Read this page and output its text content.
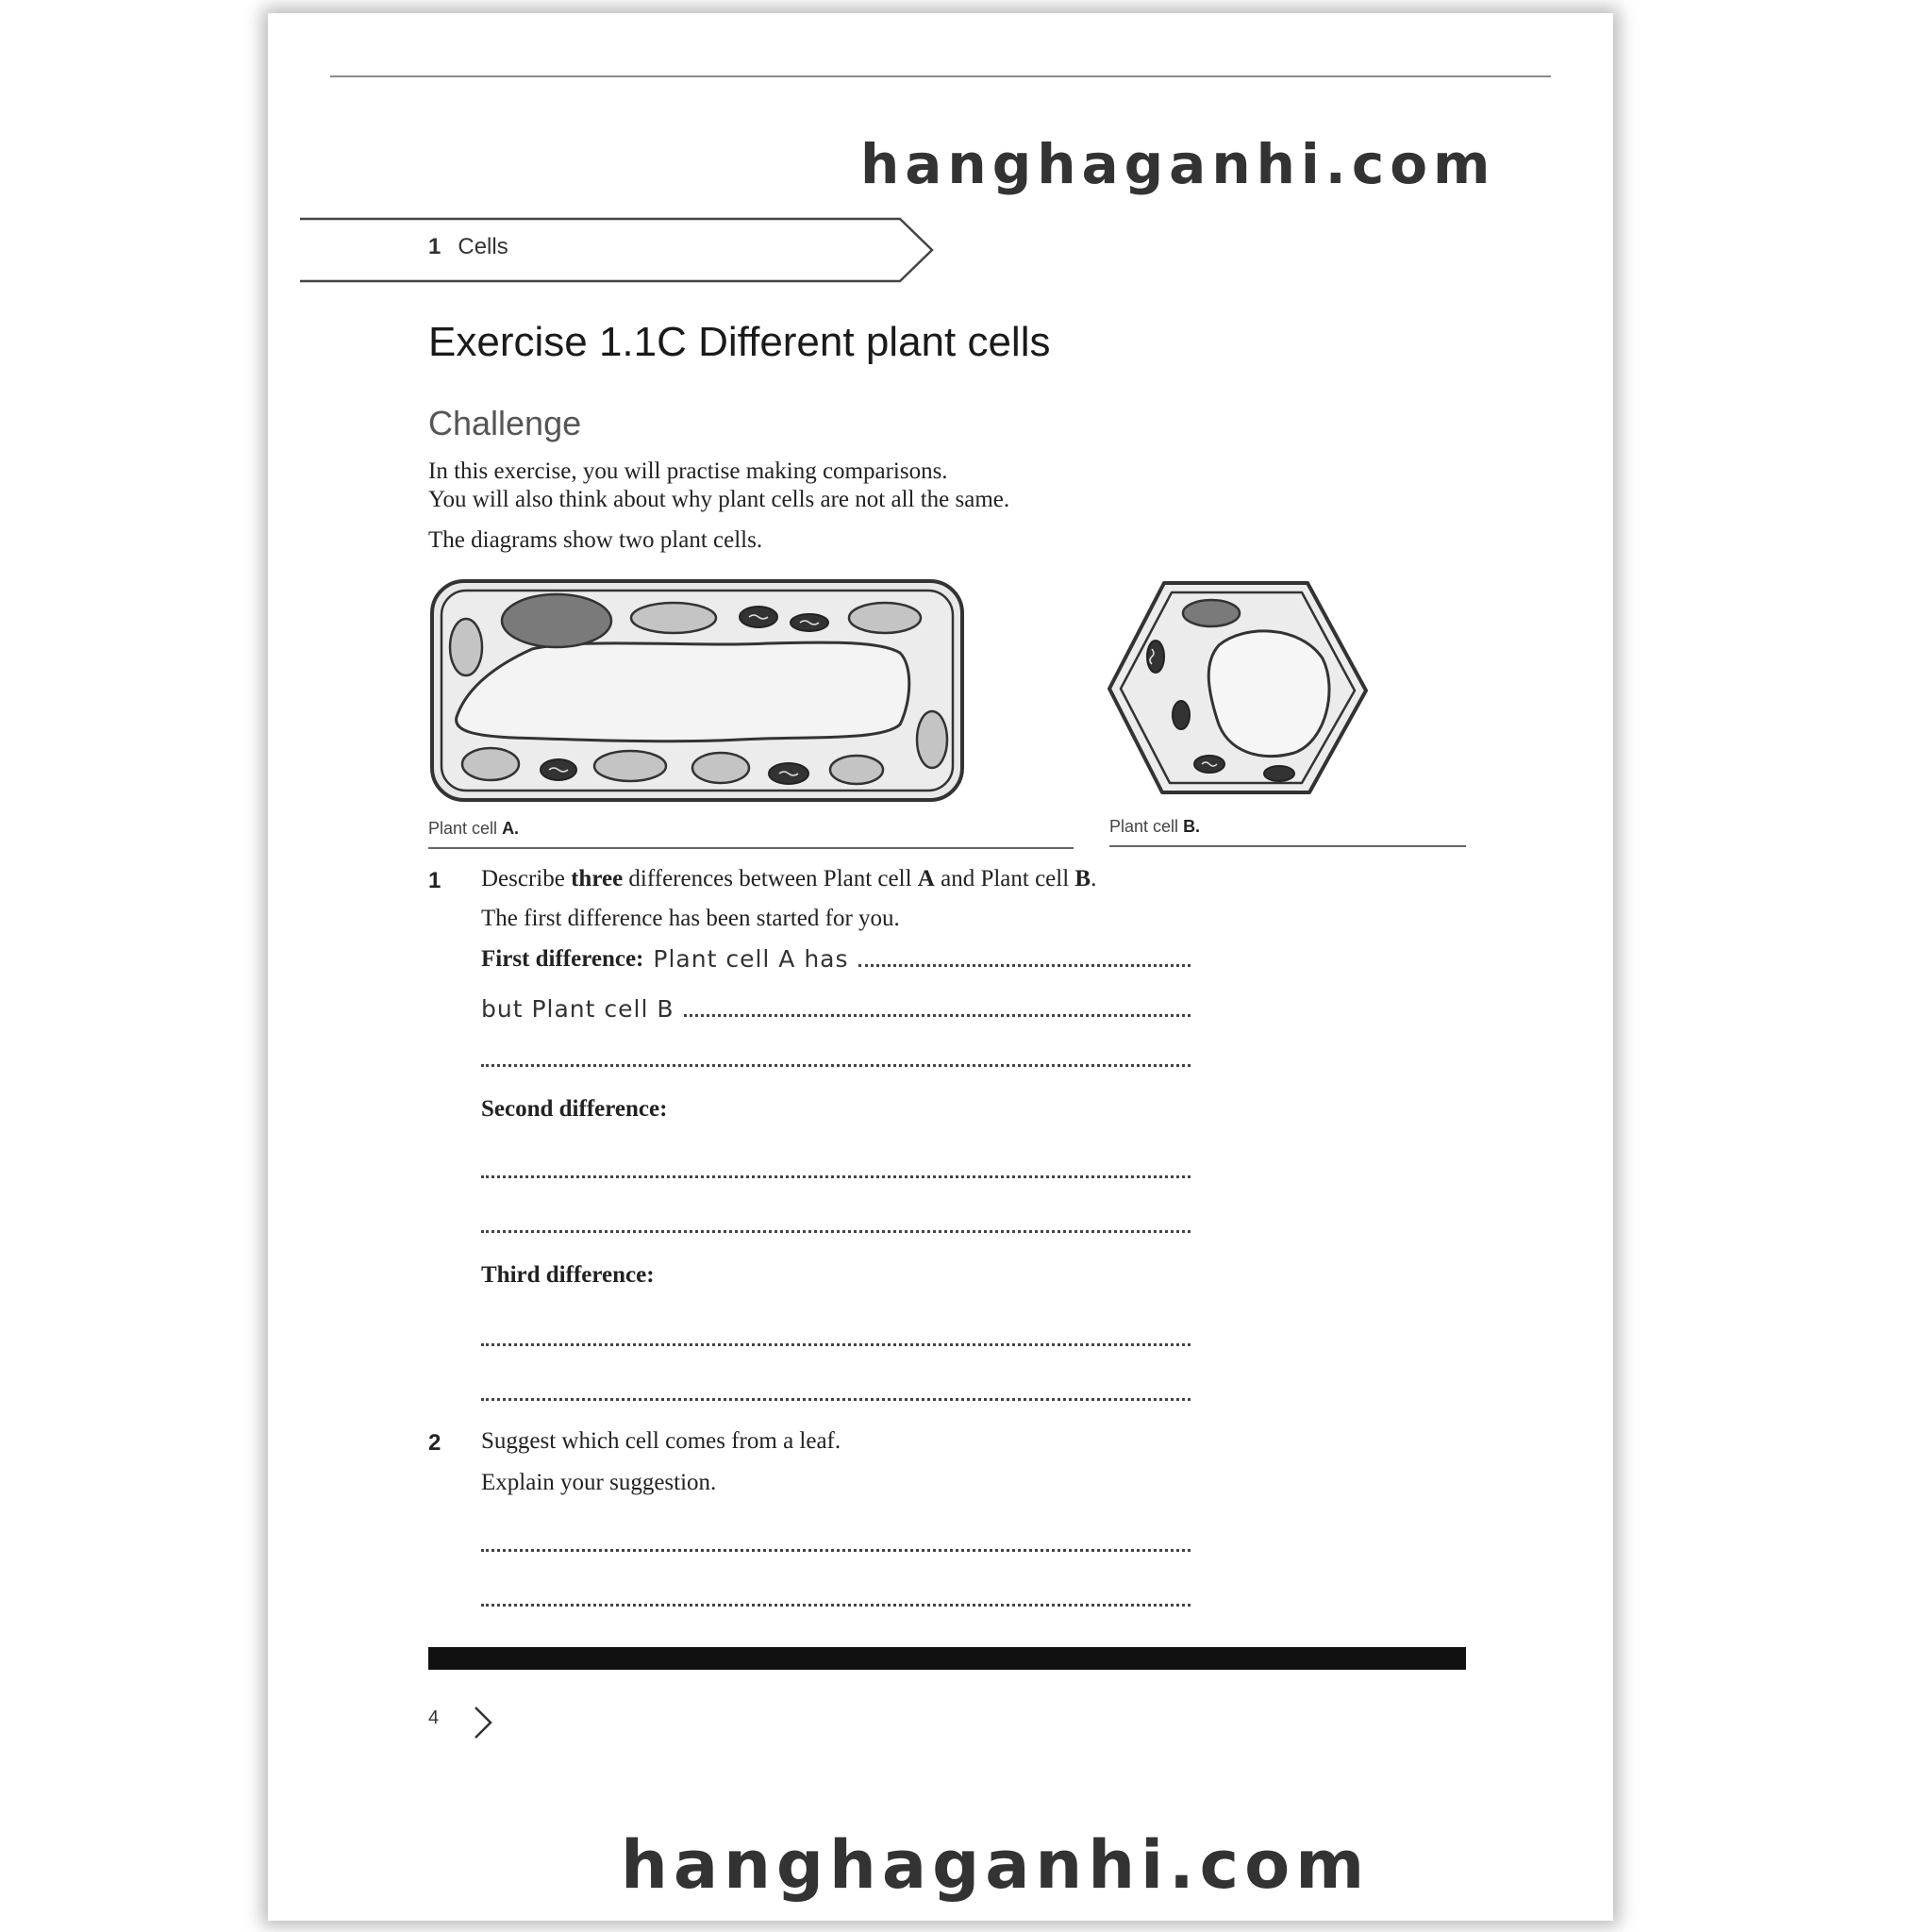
hanghaganhi.com
1 Cells
Exercise 1.1C Different plant cells
Challenge
In this exercise, you will practise making comparisons.
You will also think about why plant cells are not all the same.
The diagrams show two plant cells.
Plant cell A.	Plant cell B.
1 Describe three differences between Plant cell A and Plant cell B.
The first difference has been started for you.
First difference: Plant cell A has
but Plant cell B
Second difference:
Third difference:
2 Suggest which cell comes from a leaf.
Explain your suggestion.
4
hanghaganhi.com
